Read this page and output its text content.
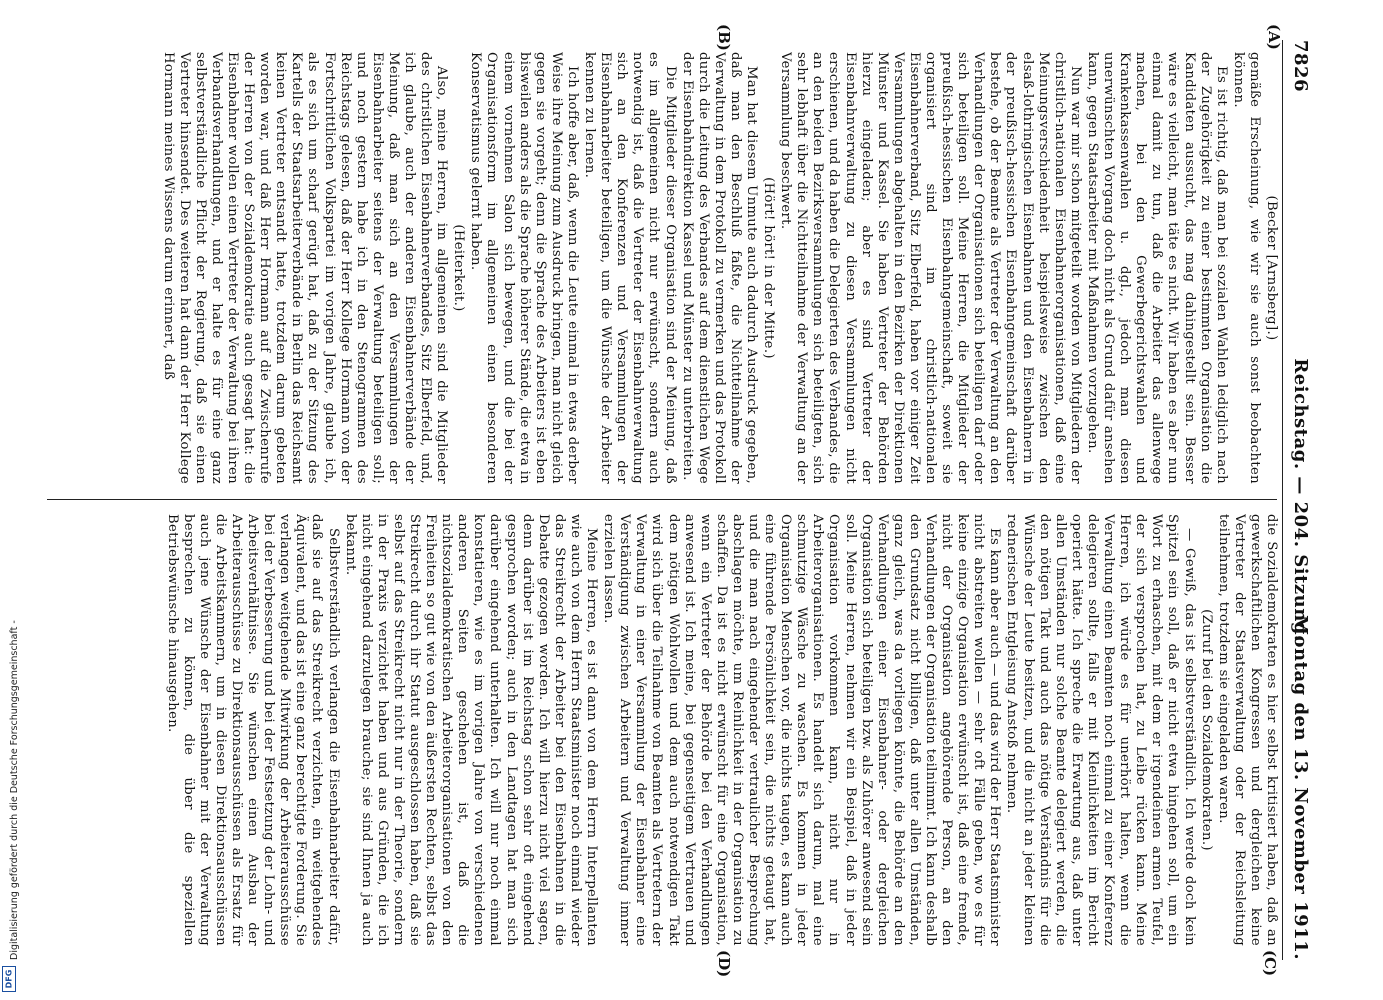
7826
Reichstag. — 204. Sitzung.
Montag den 13. November 1911.
(A)
(B)
(C)
(D)

(Becker [Arnsberg].)

gemäße Erscheinung, wie wir sie auch sonst beobachten können.

Es ist richtig, daß man bei sozialen Wahlen lediglich nach der Zugehörigkeit zu einer bestimmten Organisation die Kandidaten aussucht, das mag dahingestellt sein. Besser wäre es vielleicht, man täte es nicht. Wir haben es aber nun einmal damit zu tun, daß die Arbeiter das allenwege machen, bei den Gewerbegerichtswahlen und Krankenkassenwahlen u. dgl., jedoch man diesen unerwünschten Vorgang doch nicht als Grund dafür ansehen kann, gegen Staatsarbeiter mit Maßnahmen vorzugehen.

Nun war mir schon mitgeteilt worden von Mitgliedern der christlich-nationalen Eisenbahnerorganisationen, daß eine Meinungsverschiedenheit beispielsweise zwischen den elsaß-lothringischen Eisenbahnen und den Eisenbahnern in der preußisch-hessischen Eisenbahngemeinschaft darüber bestehe, ob der Beamte als Vertreter der Verwaltung an den Verhandlungen der Organisationen sich beteiligen darf oder sich beteiligen soll. Meine Herren, die Mitglieder der preußisch-hessischen Eisenbahngemeinschaft, soweit sie organisiert sind im christlich-nationalen Eisenbahnerverband, Sitz Elberfeld, haben vor einiger Zeit Versammlungen abgehalten in den Bezirken der Direktionen Münster und Kassel. Sie haben Vertreter der Behörden hierzu eingeladen; aber es sind Vertreter der Eisenbahnverwaltung zu diesen Versammlungen nicht erschienen, und da haben die Delegierten des Verbandes, die an den beiden Bezirksversammlungen sich beteiligten, sich sehr lebhaft über die Nichtteilnahme der Verwaltung an der Versammlung beschwert.

(Hört! hört! in der Mitte.)

Man hat diesem Unmute auch dadurch Ausdruck gegeben, daß man den Beschluß faßte, die Nichtteilnahme der Verwaltung in dem Protokoll zu vermerken und das Protokoll durch die Leitung des Verbandes auf dem dienstlichen Wege der Eisenbahndirektion Kassel und Münster zu unterbreiten.

Die Mitglieder dieser Organisation sind der Meinung, daß es im allgemeinen nicht nur erwünscht, sondern auch notwendig ist, daß die Vertreter der Eisenbahnverwaltung sich an den Konferenzen und Versammlungen der Eisenbahnarbeiter beteiligen, um die Wünsche der Arbeiter kennen zu lernen.

Ich hoffe aber, daß, wenn die Leute einmal in etwas derber Weise ihre Meinung zum Ausdruck bringen, man nicht gleich gegen sie vorgeht; denn die Sprache des Arbeiters ist eben bisweilen anders als die Sprache höherer Stände, die etwa in einem vornehmen Salon sich bewegen, und die bei der Organisationsform im allgemeinen einen besonderen Konservatismus gelernt haben.

(Heiterkeit.)

Also, meine Herren, im allgemeinen sind die Mitglieder des christlichen Eisenbahnerverbandes, Sitz Elberfeld, und, ich glaube, auch der anderen Eisenbahnerverbände der Meinung, daß man sich an den Versammlungen der Eisenbahnarbeiter seitens der Verwaltung beteiligen soll; und noch gestern habe ich in den Stenogrammen des Reichstags gelesen, daß der Herr Kollege Hormann von der Fortschrittlichen Volkspartei im vorigen Jahre, glaube ich, als es sich um scharf gerügt hat, daß zu der Sitzung des Kartells der Staatsarbeiterverbände in Berlin das Reichsamt keinen Vertreter entsandt hatte, trotzdem darum gebeten worden war, und daß Herr Hormann auf die Zwischenrufe der Herren von der Sozialdemokratie auch gesagt hat: die Eisenbahner wollen einen Vertreter der Verwaltung bei ihren Verbandsverhandlungen, und er halte es für eine ganz selbstverständliche Pflicht der Regierung, daß sie einen Vertreter hinsendet. Des weiteren hat dann der Herr Kollege Hormann meines Wissens darum erinnert, daß

die Sozialdemokraten es hier selbst kritisiert haben, daß an gewerkschaftlichen Kongressen und dergleichen keine Vertreter der Staatsverwaltung oder der Reichsleitung teilnehmen, trotzdem sie eingeladen waren.

(Zuruf bei den Sozialdemokraten.)

— Gewiß, das ist selbstverständlich. Ich werde doch kein Spitzel sein soll, daß er nicht etwa hingehen soll, um ein Wort zu erhaschen, mit dem er irgendeinen armen Teufel, der sich versprochen hat, zu Leibe rücken kann. Meine Herren, ich würde es für unerhört halten, wenn die Verwaltung einen Beamten noch einmal zu einer Konferenz delegieren sollte, falls er mit Kleinlichkeiten im Bericht operiert hätte. Ich spreche die Erwartung aus, daß unter allen Umständen nur solche Beamte delegiert werden, die den nötigen Takt und auch das nötige Verständnis für die Wünsche der Leute besitzen, und die nicht an jeder kleinen rednerischen Entgleisung Anstoß nehmen.

Es kann aber auch — und das wird der Herr Staatsminister nicht abstreiten wollen — sehr oft Fälle geben, wo es für keine einzige Organisation erwünscht ist, daß eine fremde, nicht der Organisation angehörende Person, an den Verhandlungen der Organisation teilnimmt. Ich kann deshalb den Grundsatz nicht billigen, daß unter allen Umständen, ganz gleich, was da vorliegen könnte, die Behörde an den Verhandlungen einer Eisenbahner- oder dergleichen Organisation sich beteiligen bzw. als Zuhörer anwesend sein soll. Meine Herren, nehmen wir ein Beispiel, daß in jeder Organisation vorkommen kann, nicht nur in Arbeiterorganisationen. Es handelt sich darum, mal eine schmutzige Wäsche zu waschen. Es kommen in jeder Organisation Menschen vor, die nichts taugen, es kann auch eine führende Persönlichkeit sein, die nichts getaugt hat, und die man nach eingehender vertraulicher Besprechung abschlagen möchte, um Reinlichkeit in der Organisation zu schaffen. Da ist es nicht erwünscht für eine Organisation, wenn ein Vertreter der Behörde bei den Verhandlungen anwesend ist. Ich meine, bei gegenseitigem Vertrauen und dem nötigen Wohlwollen und dem auch notwendigen Takt wird sich über die Teilnahme von Beamten als Vertretern der Verwaltung in einer Versammlung der Eisenbahner eine Verständigung zwischen Arbeitern und Verwaltung immer erzielen lassen.

Meine Herren, es ist dann von dem Herrn Interpellanten wie auch von dem Herrn Staatsminister noch einmal wieder das Streikrecht der Arbeiter bei den Eisenbahnen in die Debatte gezogen worden. Ich will hierzu nicht viel sagen, denn darüber ist im Reichstag schon sehr oft eingehend gesprochen worden; auch in den Landtagen hat man sich darüber eingehend unterhalten. Ich will nur noch einmal konstatieren, wie es im vorigen Jahre von verschiedenen anderen Seiten geschehen ist, daß die nichtsozialdemokratischen Arbeiterorganisationen von den Freiheiten so gut wie von den äußersten Rechten, selbst das Streikrecht durch ihr Statut ausgeschlossen haben, daß sie selbst auf das Streikrecht nicht nur in der Theorie, sondern in der Praxis verzichtet haben und aus Gründen, die ich nicht eingehend darzulegen brauche; sie sind Ihnen ja auch bekannt.

Selbstverständlich verlangen die Eisenbahnarbeiter dafür, daß sie auf das Streikrecht verzichten, ein weitgehendes Äquivalent, und das ist eine ganz berechtigte Forderung. Sie verlangen weitgehende Mitwirkung der Arbeiterausschüsse bei der Verbesserung und bei der Festsetzung der Lohn- und Arbeitsverhältnisse. Sie wünschen einen Ausbau der Arbeiterausschüsse zu Direktionsausschüssen als Ersatz für die Arbeitskammern, um in diesen Direktionsausschüssen auch jene Wünsche der Eisenbahner mit der Verwaltung besprechen zu können, die über die speziellen Betriebswünsche hinausgehen.

DFG
Digitalisierung gefördert durch die Deutsche Forschungsgemeinschaft -
